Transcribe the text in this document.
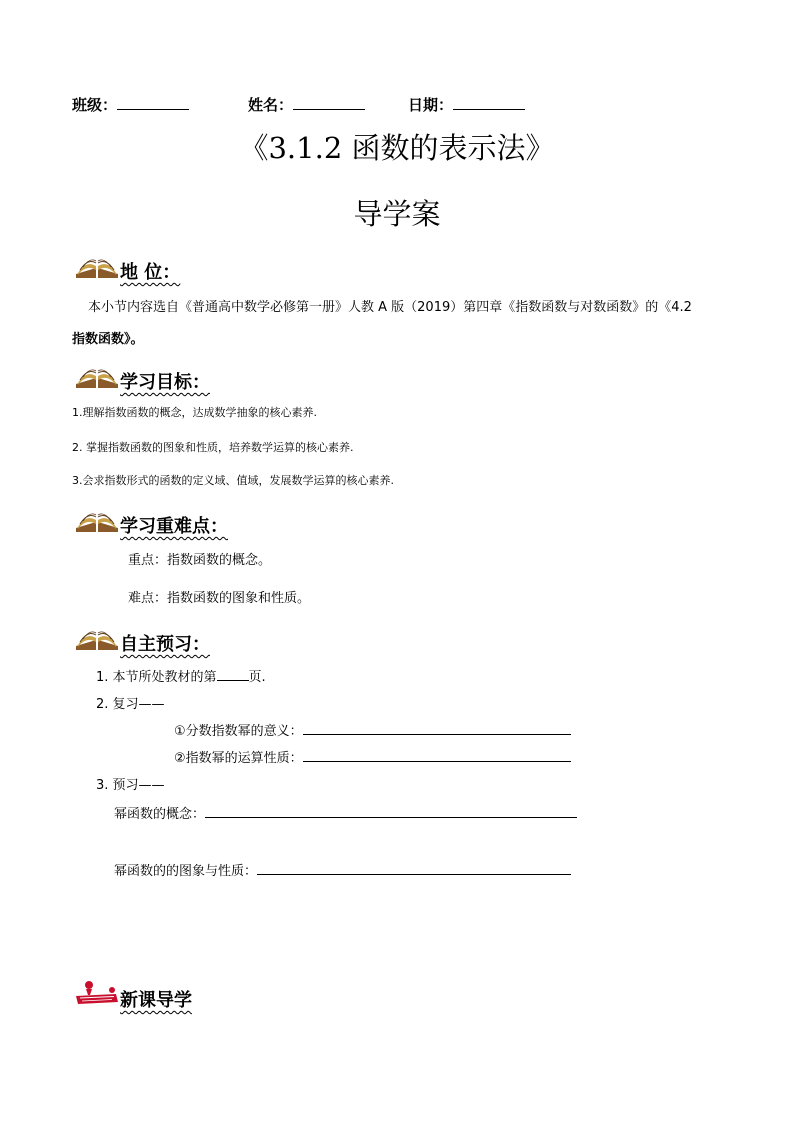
班级：	姓名：	日期：
《3.1.2 函数的表示法》
导学案
地 位：
本小节内容选自《普通高中数学必修第一册》人教 A 版（2019）第四章《指数函数与对数函数》的《4.2
指数函数》。
学习目标：
1.理解指数函数的概念，达成数学抽象的核心素养.
2. 掌握指数函数的图象和性质，培养数学运算的核心素养.
3.会求指数形式的函数的定义域、值域，发展数学运算的核心素养.
学习重难点：
重点：指数函数的概念。
难点：指数函数的图象和性质。
自主预习：
1. 本节所处教材的第 页.
2. 复习——
①分数指数幂的意义：
②指数幂的运算性质：
3. 预习——
幂函数的概念：
幂函数的的图象与性质：
新课导学
